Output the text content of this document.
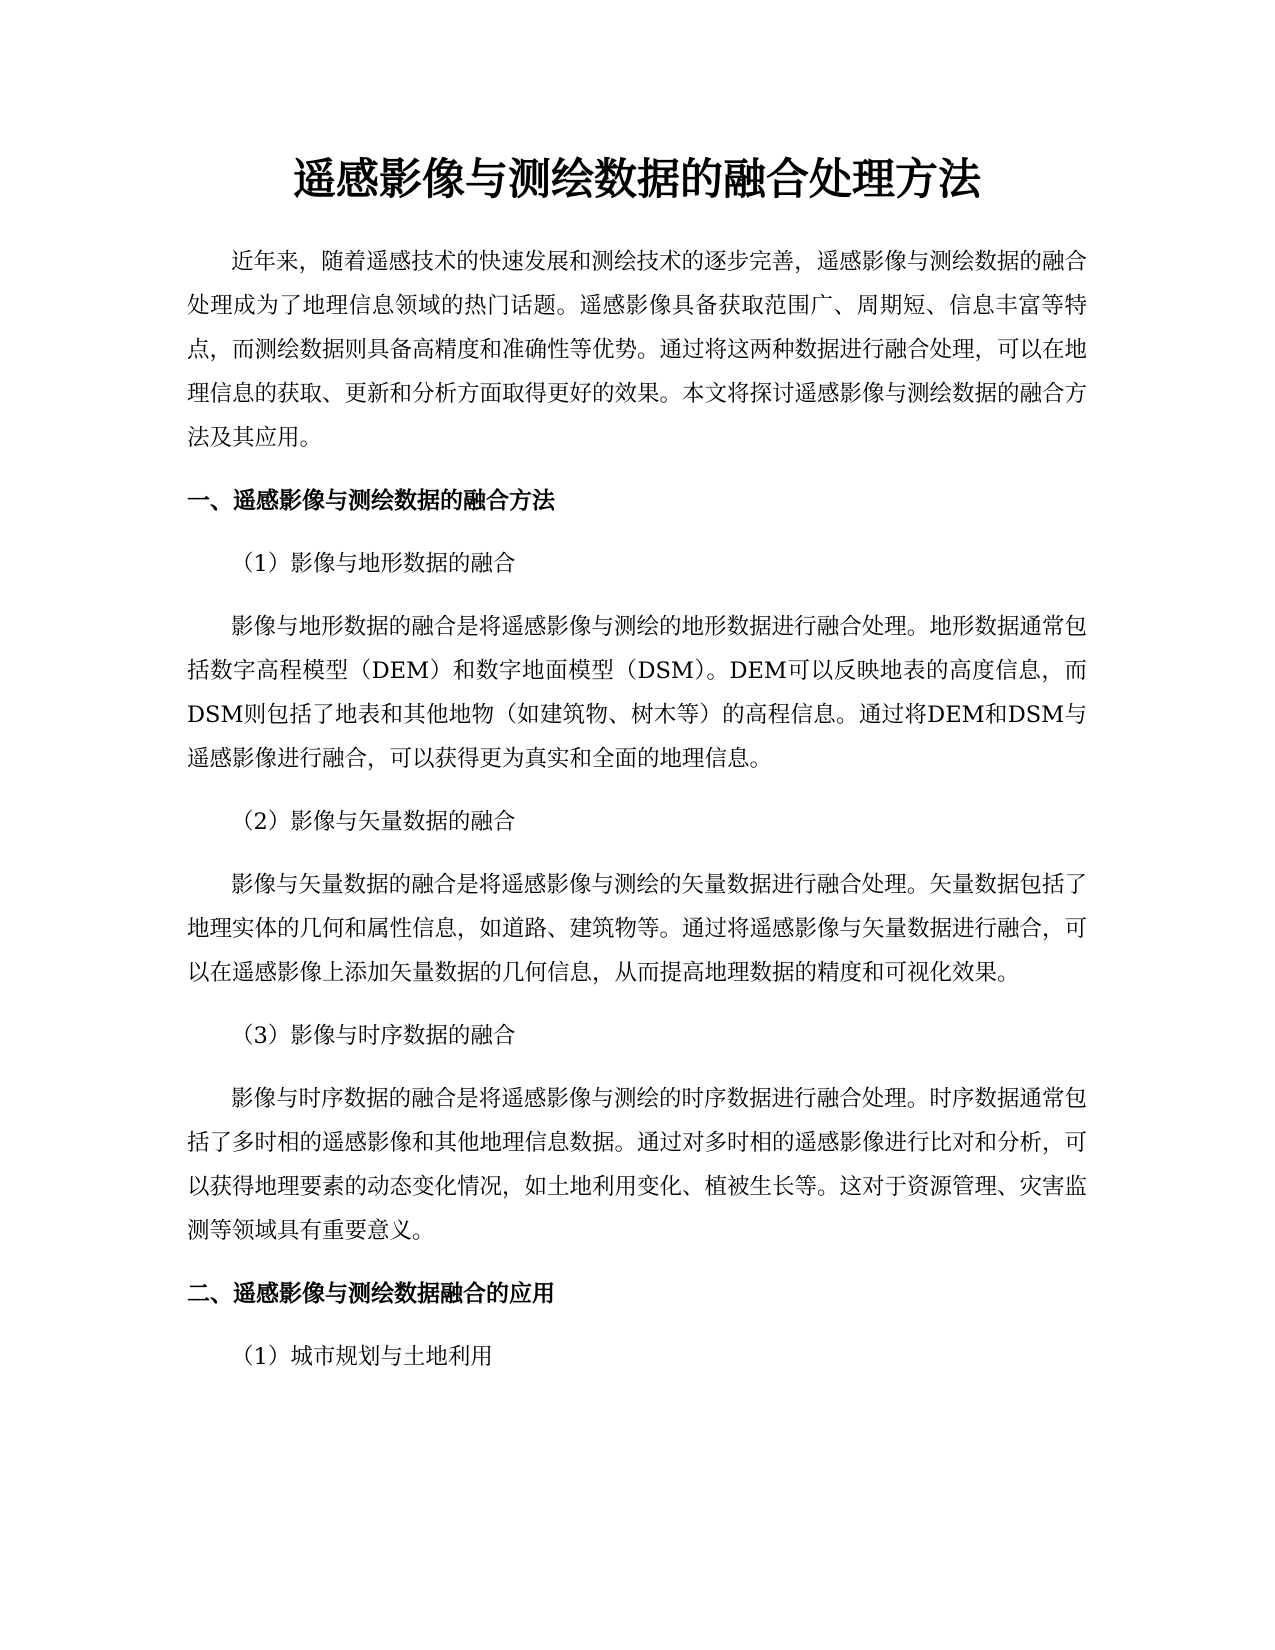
遥感影像与测绘数据的融合处理方法

近年来，随着遥感技术的快速发展和测绘技术的逐步完善，遥感影像与测绘数据的融合处理成为了地理信息领域的热门话题。遥感影像具备获取范围广、周期短、信息丰富等特点，而测绘数据则具备高精度和准确性等优势。通过将这两种数据进行融合处理，可以在地理信息的获取、更新和分析方面取得更好的效果。本文将探讨遥感影像与测绘数据的融合方法及其应用。

一、遥感影像与测绘数据的融合方法

（1）影像与地形数据的融合

影像与地形数据的融合是将遥感影像与测绘的地形数据进行融合处理。地形数据通常包括数字高程模型（DEM）和数字地面模型（DSM）。DEM可以反映地表的高度信息，而DSM则包括了地表和其他地物（如建筑物、树木等）的高程信息。通过将DEM和DSM与遥感影像进行融合，可以获得更为真实和全面的地理信息。

（2）影像与矢量数据的融合

影像与矢量数据的融合是将遥感影像与测绘的矢量数据进行融合处理。矢量数据包括了地理实体的几何和属性信息，如道路、建筑物等。通过将遥感影像与矢量数据进行融合，可以在遥感影像上添加矢量数据的几何信息，从而提高地理数据的精度和可视化效果。

（3）影像与时序数据的融合

影像与时序数据的融合是将遥感影像与测绘的时序数据进行融合处理。时序数据通常包括了多时相的遥感影像和其他地理信息数据。通过对多时相的遥感影像进行比对和分析，可以获得地理要素的动态变化情况，如土地利用变化、植被生长等。这对于资源管理、灾害监测等领域具有重要意义。

二、遥感影像与测绘数据融合的应用

（1）城市规划与土地利用
